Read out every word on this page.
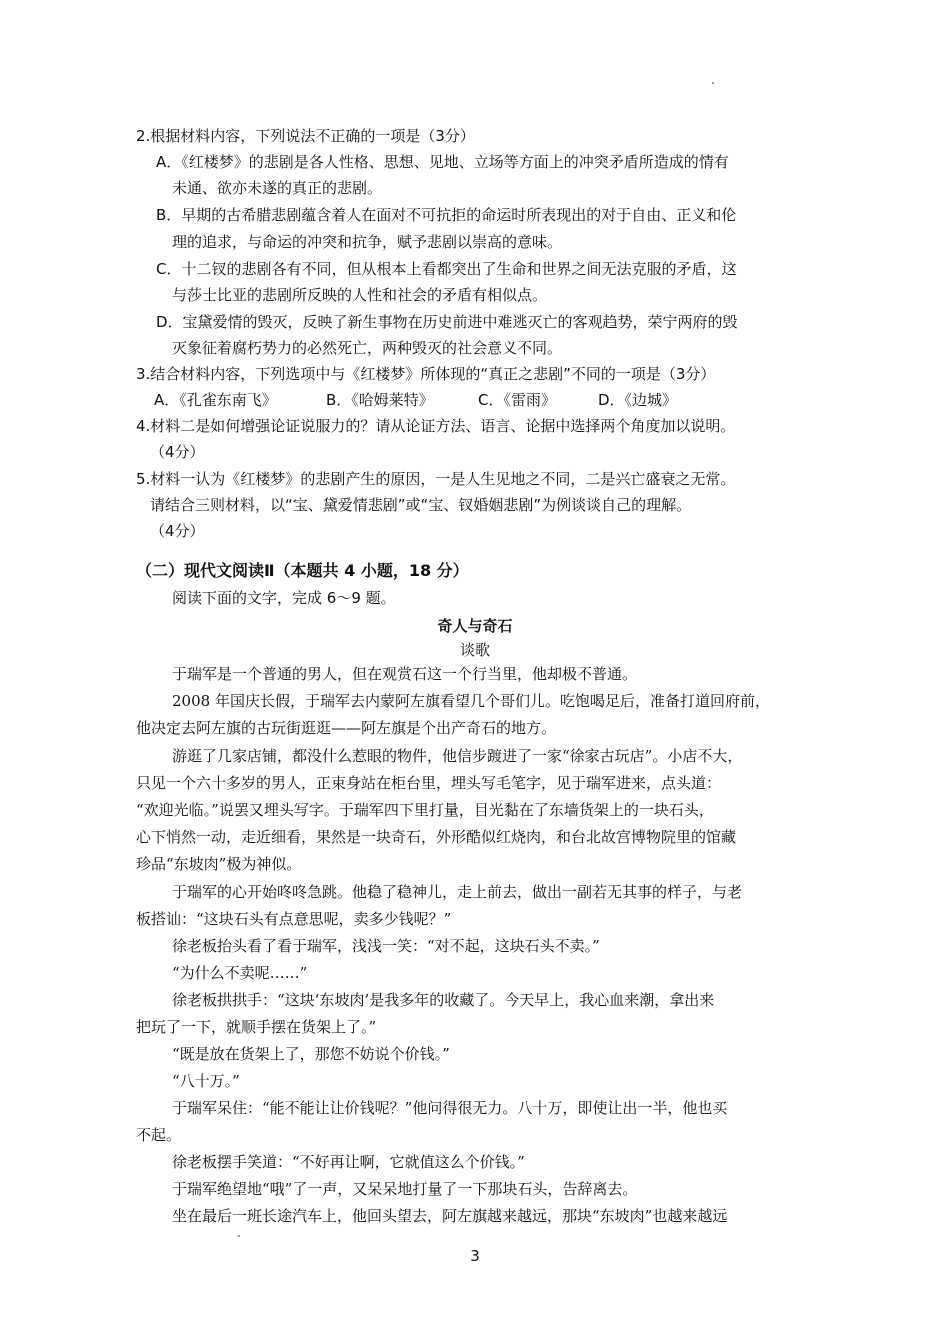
2.根据材料内容，下列说法不正确的一项是（3分）
A．《红楼梦》的悲剧是各人性格、思想、见地、立场等方面上的冲突矛盾所造成的情有
未通、欲亦未遂的真正的悲剧。
B．早期的古希腊悲剧蕴含着人在面对不可抗拒的命运时所表现出的对于自由、正义和伦
理的追求，与命运的冲突和抗争，赋予悲剧以崇高的意味。
C．十二钗的悲剧各有不同，但从根本上看都突出了生命和世界之间无法克服的矛盾，这
与莎士比亚的悲剧所反映的人性和社会的矛盾有相似点。
D．宝黛爱情的毁灭，反映了新生事物在历史前进中难逃灭亡的客观趋势，荣宁两府的毁
灭象征着腐朽势力的必然死亡，两种毁灭的社会意义不同。
3.结合材料内容，下列选项中与《红楼梦》所体现的“真正之悲剧”不同的一项是（3分）
A．《孔雀东南飞》	B．《哈姆莱特》	C．《雷雨》	D．《边城》
4.材料二是如何增强论证说服力的？请从论证方法、语言、论据中选择两个角度加以说明。
（4分）
5.材料一认为《红楼梦》的悲剧产生的原因，一是人生见地之不同，二是兴亡盛衰之无常。
请结合三则材料，以“宝、黛爱情悲剧”或“宝、钗婚姻悲剧”为例谈谈自己的理解。
（4分）
（二）现代文阅读Ⅱ（本题共 4 小题，18 分）
阅读下面的文字，完成 6～9 题。
奇人与奇石
谈歌
于瑞军是一个普通的男人，但在观赏石这一个行当里，他却极不普通。
2008 年国庆长假，于瑞军去内蒙阿左旗看望几个哥们儿。吃饱喝足后，准备打道回府前，
他决定去阿左旗的古玩街逛逛——阿左旗是个出产奇石的地方。
游逛了几家店铺，都没什么惹眼的物件，他信步踱进了一家“徐家古玩店”。小店不大，
只见一个六十多岁的男人，正束身站在柜台里，埋头写毛笔字，见于瑞军进来，点头道：
“欢迎光临。”说罢又埋头写字。于瑞军四下里打量，目光黏在了东墙货架上的一块石头，
心下悄然一动，走近细看，果然是一块奇石，外形酷似红烧肉，和台北故宫博物院里的馆藏
珍品“东坡肉”极为神似。
于瑞军的心开始咚咚急跳。他稳了稳神儿，走上前去，做出一副若无其事的样子，与老
板搭讪：“这块石头有点意思呢，卖多少钱呢？”
徐老板抬头看了看于瑞军，浅浅一笑：“对不起，这块石头不卖。”
“为什么不卖呢……”
徐老板拱拱手：“这块‘东坡肉’是我多年的收藏了。今天早上，我心血来潮，拿出来
把玩了一下，就顺手摆在货架上了。”
“既是放在货架上了，那您不妨说个价钱。”
“八十万。”
于瑞军呆住：“能不能让让价钱呢？”他问得很无力。八十万，即使让出一半，他也买
不起。
徐老板摆手笑道：“不好再让啊，它就值这么个价钱。”
于瑞军绝望地“哦”了一声，又呆呆地打量了一下那块石头，告辞离去。
坐在最后一班长途汽车上，他回头望去，阿左旗越来越远，那块“东坡肉”也越来越远
3
